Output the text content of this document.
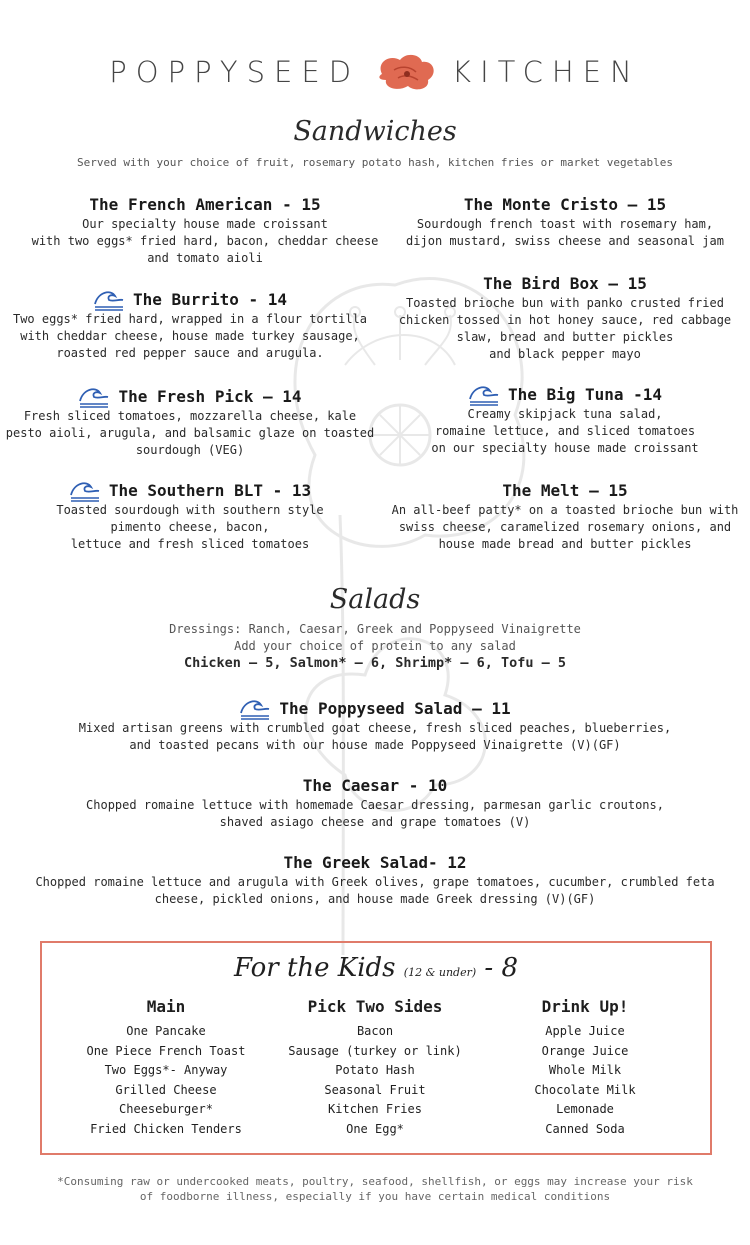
POPPYSEED	KITCHEN
Sandwiches
Served with your choice of fruit, rosemary potato hash, kitchen fries or market vegetables
The French American - 15
Our specialty house made croissant
with two eggs* fried hard, bacon, cheddar cheese
and tomato aioli
The Monte Cristo — 15
Sourdough french toast with rosemary ham,
dijon mustard, swiss cheese and seasonal jam
The Burrito - 14
Two eggs* fried hard, wrapped in a flour tortilla
with cheddar cheese, house made turkey sausage,
roasted red pepper sauce and arugula.
The Bird Box — 15
Toasted brioche bun with panko crusted fried
chicken tossed in hot honey sauce, red cabbage
slaw, bread and butter pickles
and black pepper mayo
The Fresh Pick — 14
Fresh sliced tomatoes, mozzarella cheese, kale
pesto aioli, arugula, and balsamic glaze on toasted
sourdough (VEG)
The Big Tuna -14
Creamy skipjack tuna salad,
romaine lettuce, and sliced tomatoes
on our specialty house made croissant
The Southern BLT - 13
Toasted sourdough with southern style
pimento cheese, bacon,
lettuce and fresh sliced tomatoes
The Melt — 15
An all-beef patty* on a toasted brioche bun with
swiss cheese, caramelized rosemary onions, and
house made bread and butter pickles
Salads
Dressings: Ranch, Caesar, Greek and Poppyseed Vinaigrette
Add your choice of protein to any salad
Chicken — 5, Salmon* — 6, Shrimp* — 6, Tofu — 5
The Poppyseed Salad — 11
Mixed artisan greens with crumbled goat cheese, fresh sliced peaches, blueberries,
and toasted pecans with our house made Poppyseed Vinaigrette (V)(GF)
The Caesar - 10
Chopped romaine lettuce with homemade Caesar dressing, parmesan garlic croutons,
shaved asiago cheese and grape tomatoes (V)
The Greek Salad- 12
Chopped romaine lettuce and arugula with Greek olives, grape tomatoes, cucumber, crumbled feta
cheese, pickled onions, and house made Greek dressing (V)(GF)
For the Kids (12 & under) - 8
Main
One Pancake
One Piece French Toast
Two Eggs*- Anyway
Grilled Cheese
Cheeseburger*
Fried Chicken Tenders
Pick Two Sides
Bacon
Sausage (turkey or link)
Potato Hash
Seasonal Fruit
Kitchen Fries
One Egg*
Drink Up!
Apple Juice
Orange Juice
Whole Milk
Chocolate Milk
Lemonade
Canned Soda
*Consuming raw or undercooked meats, poultry, seafood, shellfish, or eggs may increase your risk
of foodborne illness, especially if you have certain medical conditions
